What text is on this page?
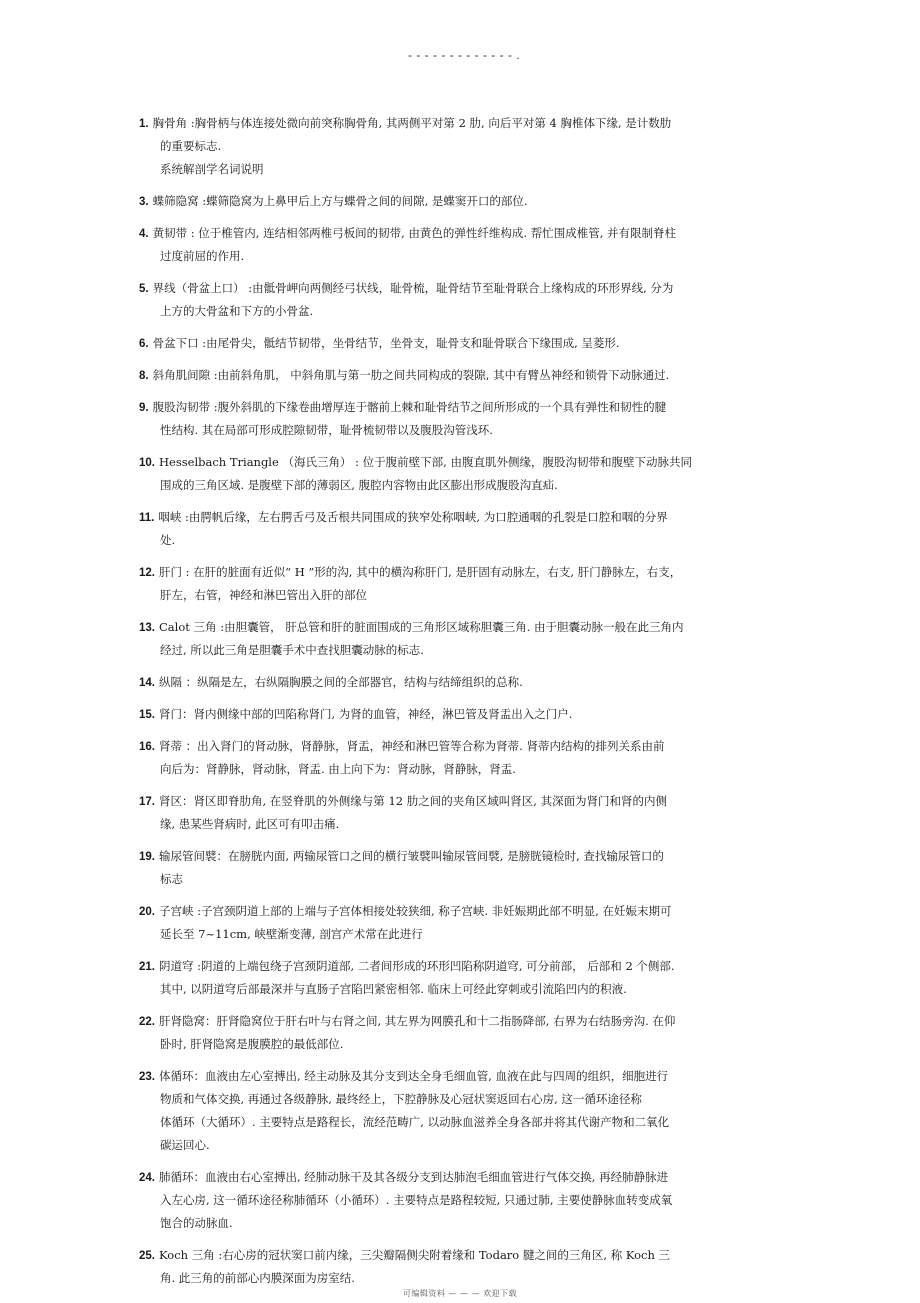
- - - - - - - - - - - - - .
1. 胸骨角 :胸骨柄与体连接处微向前突称胸骨角, 其两侧平对第 2 肋, 向后平对第 4 胸椎体下缘, 是计数肋
的重要标志.
系统解剖学名词说明
3. 蝶筛隐窝 :蝶筛隐窝为上鼻甲后上方与蝶骨之间的间隙, 是蝶窦开口的部位.
4. 黄韧带 : 位于椎管内, 连结相邻两椎弓板间的韧带, 由黄色的弹性纤维构成. 帮忙围成椎管, 并有限制脊柱
过度前屈的作用.
5. 界线（骨盆上口） :由骶骨岬向两侧经弓状线，耻骨梳，耻骨结节至耻骨联合上缘构成的环形界线, 分为
上方的大骨盆和下方的小骨盆.
6. 骨盆下口 :由尾骨尖，骶结节韧带，坐骨结节，坐骨支，耻骨支和耻骨联合下缘围成, 呈菱形.
8. 斜角肌间隙 :由前斜角肌， 中斜角肌与第一肋之间共同构成的裂隙, 其中有臂丛神经和锁骨下动脉通过.
9. 腹股沟韧带 :腹外斜肌的下缘卷曲增厚连于髂前上棘和耻骨结节之间所形成的一个具有弹性和韧性的腱
性结构. 其在局部可形成腔隙韧带，耻骨梳韧带以及腹股沟管浅环.
10. Hesselbach Triangle （海氏三角） : 位于腹前壁下部, 由腹直肌外侧缘，腹股沟韧带和腹壁下动脉共同
围成的三角区域. 是腹壁下部的薄弱区, 腹腔内容物由此区膨出形成腹股沟直疝.
11. 咽峡 :由腭帆后缘，左右腭舌弓及舌根共同围成的狭窄处称咽峡, 为口腔通咽的孔裂是口腔和咽的分界
处.
12. 肝门 : 在肝的脏面有近似“ H ”形的沟, 其中的横沟称肝门, 是肝固有动脉左，右支, 肝门静脉左，右支，
肝左，右管，神经和淋巴管出入肝的部位
13. Calot 三角 :由胆囊管， 肝总管和肝的脏面围成的三角形区域称胆囊三角. 由于胆囊动脉一般在此三角内
经过, 所以此三角是胆囊手术中查找胆囊动脉的标志.
14. 纵隔 ：纵隔是左，右纵隔胸膜之间的全部器官，结构与结缔组织的总称.
15. 肾门：肾内侧缘中部的凹陷称肾门, 为肾的血管，神经，淋巴管及肾盂出入之门户.
16. 肾蒂 ：出入肾门的肾动脉，肾静脉，肾盂，神经和淋巴管等合称为肾蒂. 肾蒂内结构的排列关系由前
向后为：肾静脉，肾动脉，肾盂. 由上向下为：肾动脉，肾静脉，肾盂.
17. 肾区：肾区即脊肋角, 在竖脊肌的外侧缘与第 12 肋之间的夹角区域叫肾区, 其深面为肾门和肾的内侧
缘, 患某些肾病时, 此区可有叩击痛.
19. 输尿管间襞：在膀胱内面, 两输尿管口之间的横行皱襞叫输尿管间襞, 是膀胱镜检时, 查找输尿管口的
标志
20. 子宫峡 :子宫颈阴道上部的上端与子宫体相接处较狭细, 称子宫峡. 非妊娠期此部不明显, 在妊娠末期可
延长至 7~11cm, 峡壁渐变薄, 剖宫产术常在此进行
21. 阴道穹 :阴道的上端包绕子宫颈阴道部, 二者间形成的环形凹陷称阴道穹, 可分前部， 后部和 2 个侧部.
其中, 以阴道穹后部最深并与直肠子宫陷凹紧密相邻. 临床上可经此穿刺或引流陷凹内的积液.
22. 肝肾隐窝：肝肾隐窝位于肝右叶与右肾之间, 其左界为网膜孔和十二指肠降部, 右界为右结肠旁沟. 在仰
卧时, 肝肾隐窝是腹膜腔的最低部位.
23. 体循环：血液由左心室搏出, 经主动脉及其分支到达全身毛细血管, 血液在此与四周的组织，细胞进行
物质和气体交换, 再通过各级静脉, 最终经上，下腔静脉及心冠状窦返回右心房, 这一循环途径称
体循环（大循环）. 主要特点是路程长，流经范畴广, 以动脉血滋养全身各部并将其代谢产物和二氧化
碳运回心.
24. 肺循环：血液由右心室搏出, 经肺动脉干及其各级分支到达肺泡毛细血管进行气体交换, 再经肺静脉进
入左心房, 这一循环途径称肺循环（小循环）. 主要特点是路程较短, 只通过肺, 主要使静脉血转变成氧
饱合的动脉血.
25. Koch 三角 :右心房的冠状窦口前内缘，三尖瓣隔侧尖附着缘和 Todaro 腱之间的三角区, 称 Koch 三
角. 此三角的前部心内膜深面为房室结.
可编辑资料 — — — 欢迎下载
